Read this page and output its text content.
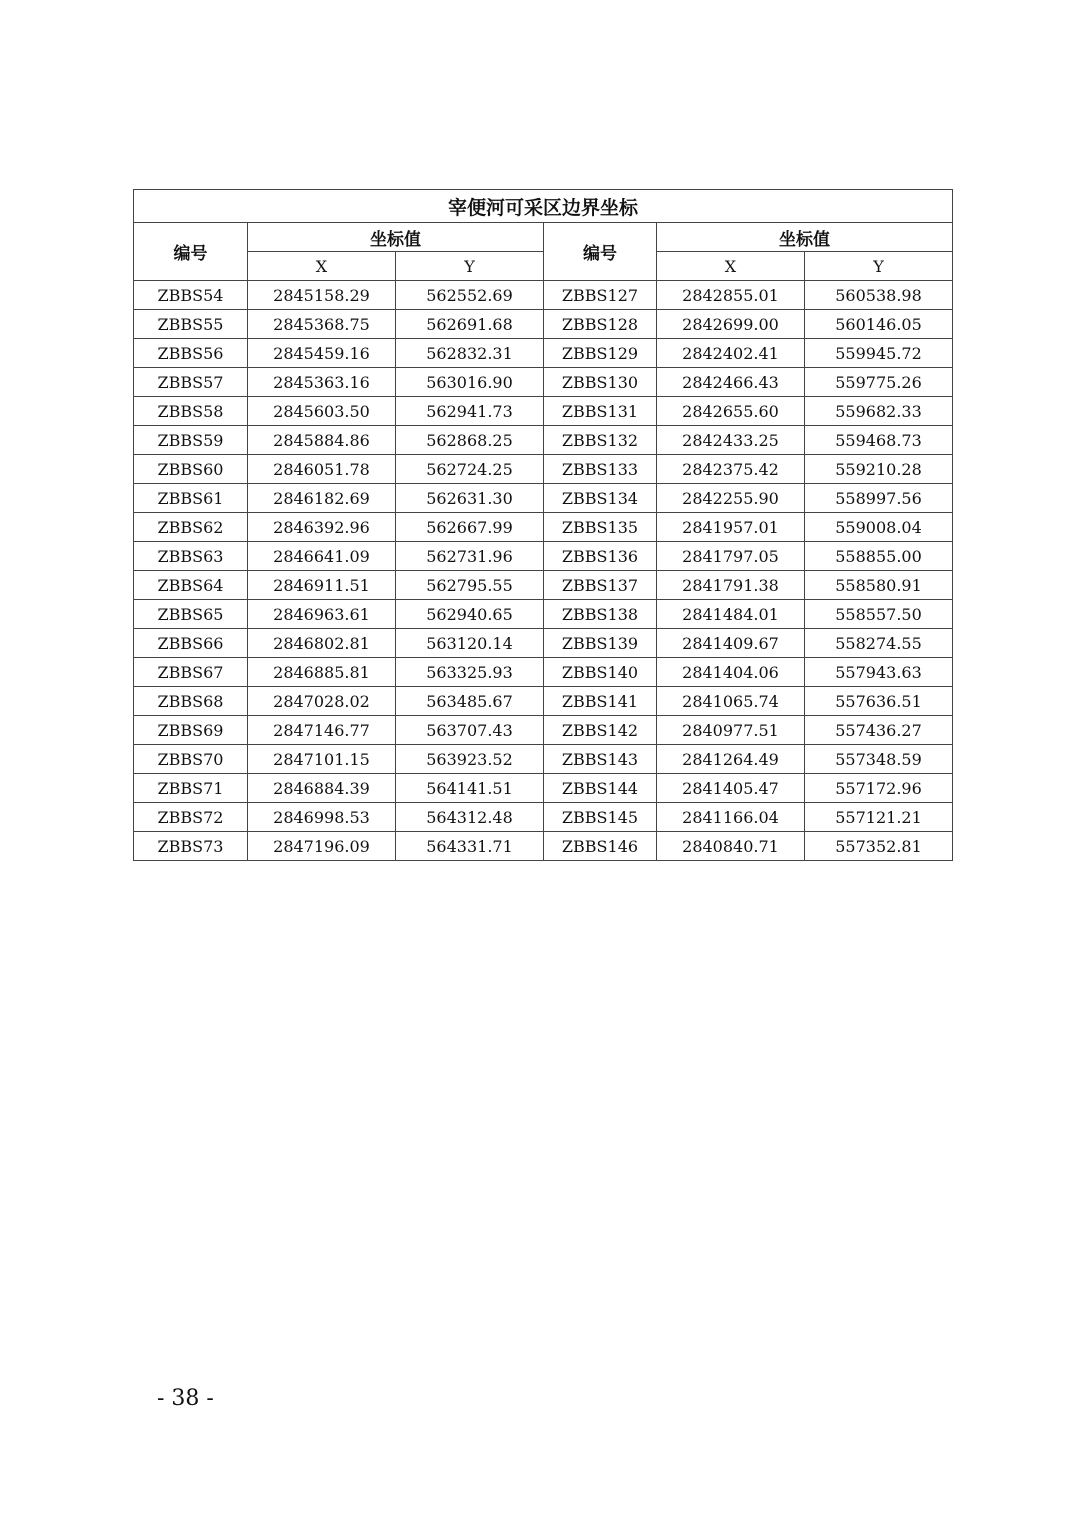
宰便河可采区边界坐标					
编号	坐标值		编号	坐标值	
	X	Y		X	Y
ZBBS54	2845158.29	562552.69	ZBBS127	2842855.01	560538.98
ZBBS55	2845368.75	562691.68	ZBBS128	2842699.00	560146.05
ZBBS56	2845459.16	562832.31	ZBBS129	2842402.41	559945.72
ZBBS57	2845363.16	563016.90	ZBBS130	2842466.43	559775.26
ZBBS58	2845603.50	562941.73	ZBBS131	2842655.60	559682.33
ZBBS59	2845884.86	562868.25	ZBBS132	2842433.25	559468.73
ZBBS60	2846051.78	562724.25	ZBBS133	2842375.42	559210.28
ZBBS61	2846182.69	562631.30	ZBBS134	2842255.90	558997.56
ZBBS62	2846392.96	562667.99	ZBBS135	2841957.01	559008.04
ZBBS63	2846641.09	562731.96	ZBBS136	2841797.05	558855.00
ZBBS64	2846911.51	562795.55	ZBBS137	2841791.38	558580.91
ZBBS65	2846963.61	562940.65	ZBBS138	2841484.01	558557.50
ZBBS66	2846802.81	563120.14	ZBBS139	2841409.67	558274.55
ZBBS67	2846885.81	563325.93	ZBBS140	2841404.06	557943.63
ZBBS68	2847028.02	563485.67	ZBBS141	2841065.74	557636.51
ZBBS69	2847146.77	563707.43	ZBBS142	2840977.51	557436.27
ZBBS70	2847101.15	563923.52	ZBBS143	2841264.49	557348.59
ZBBS71	2846884.39	564141.51	ZBBS144	2841405.47	557172.96
ZBBS72	2846998.53	564312.48	ZBBS145	2841166.04	557121.21
ZBBS73	2847196.09	564331.71	ZBBS146	2840840.71	557352.81
- 38 -
